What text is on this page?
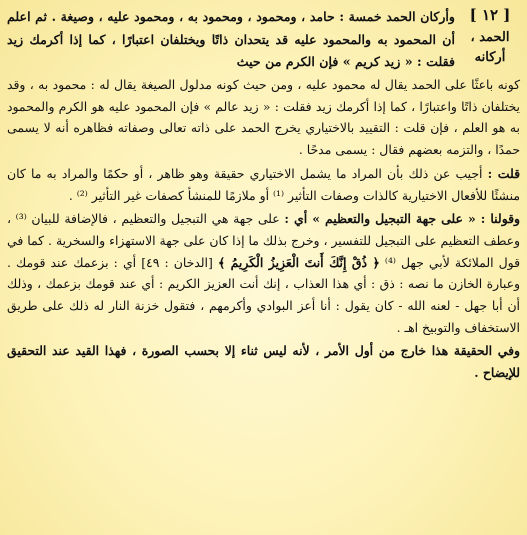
[ ١٢ ]
الحمد ، أركانه
وأركان الحمد خمسة : حامد ، ومحمود ، ومحمود به ، ومحمود عليه ، وصيغة . ثم اعلم أن المحمود به والمحمود عليه قد يتحدان ذاتًا ويختلفان اعتبارًا ، كما إذا أكرمك زيد فقلت : « زيد كريم » فإن الكرم من حيث

كونه باعثًا على الحمد يقال له محمود عليه ، ومن حيث كونه مدلول الصيغة يقال له : محمود به ، وقد يختلفان ذاتًا واعتبارًا ، كما إذا أكرمك زيد فقلت : « زيد عالم » فإن المحمود عليه هو الكرم والمحمود به هو العلم ، فإن قلت : التقييد بالاختياري يخرج الحمد على ذاته تعالى وصفاته فظاهره أنه لا يسمى حمدًا ، والتزمه بعضهم فقال : يسمى مدحًا .

قلت : أجيب عن ذلك بأن المراد ما يشمل الاختياري حقيقة وهو ظاهر ، أو حكمًا والمراد به ما كان منشئًا للأفعال الاختيارية كالذات وصفات التأثير ⁽¹⁾ أو ملازمًا للمنشأ كصفات غير التأثير ⁽²⁾ .

وقولنا : « على جهة التبجيل والتعظيم » أي : على جهة هي التبجيل والتعظيم ، فالإضافة للبيان ⁽³⁾ ، وعطف التعظيم على التبجيل للتفسير ، وخرج بذلك ما إذا كان على جهة الاستهزاء والسخرية . كما في قول الملائكة لأبي جهل ⁽⁴⁾ ﴿ ذُقْ إِنَّكَ أَنتَ الْعَزِيزُ الْكَرِيمُ ﴾ [الدخان : ٤٩] أي : بزعمك عند قومك . وعبارة الخازن ما نصه : ذق : أي هذا العذاب ، إنك أنت العزيز الكريم : أي عند قومك بزعمك ، وذلك أن أبا جهل - لعنه الله - كان يقول : أنا أعز البوادي وأكرمهم ، فتقول خزنة النار له ذلك على طريق الاستخفاف والتوبيخ اهـ .

وفي الحقيقة هذا خارج من أول الأمر ، لأنه ليس ثناء إلا بحسب الصورة ، فهذا القيد عند التحقيق للإيضاح .
